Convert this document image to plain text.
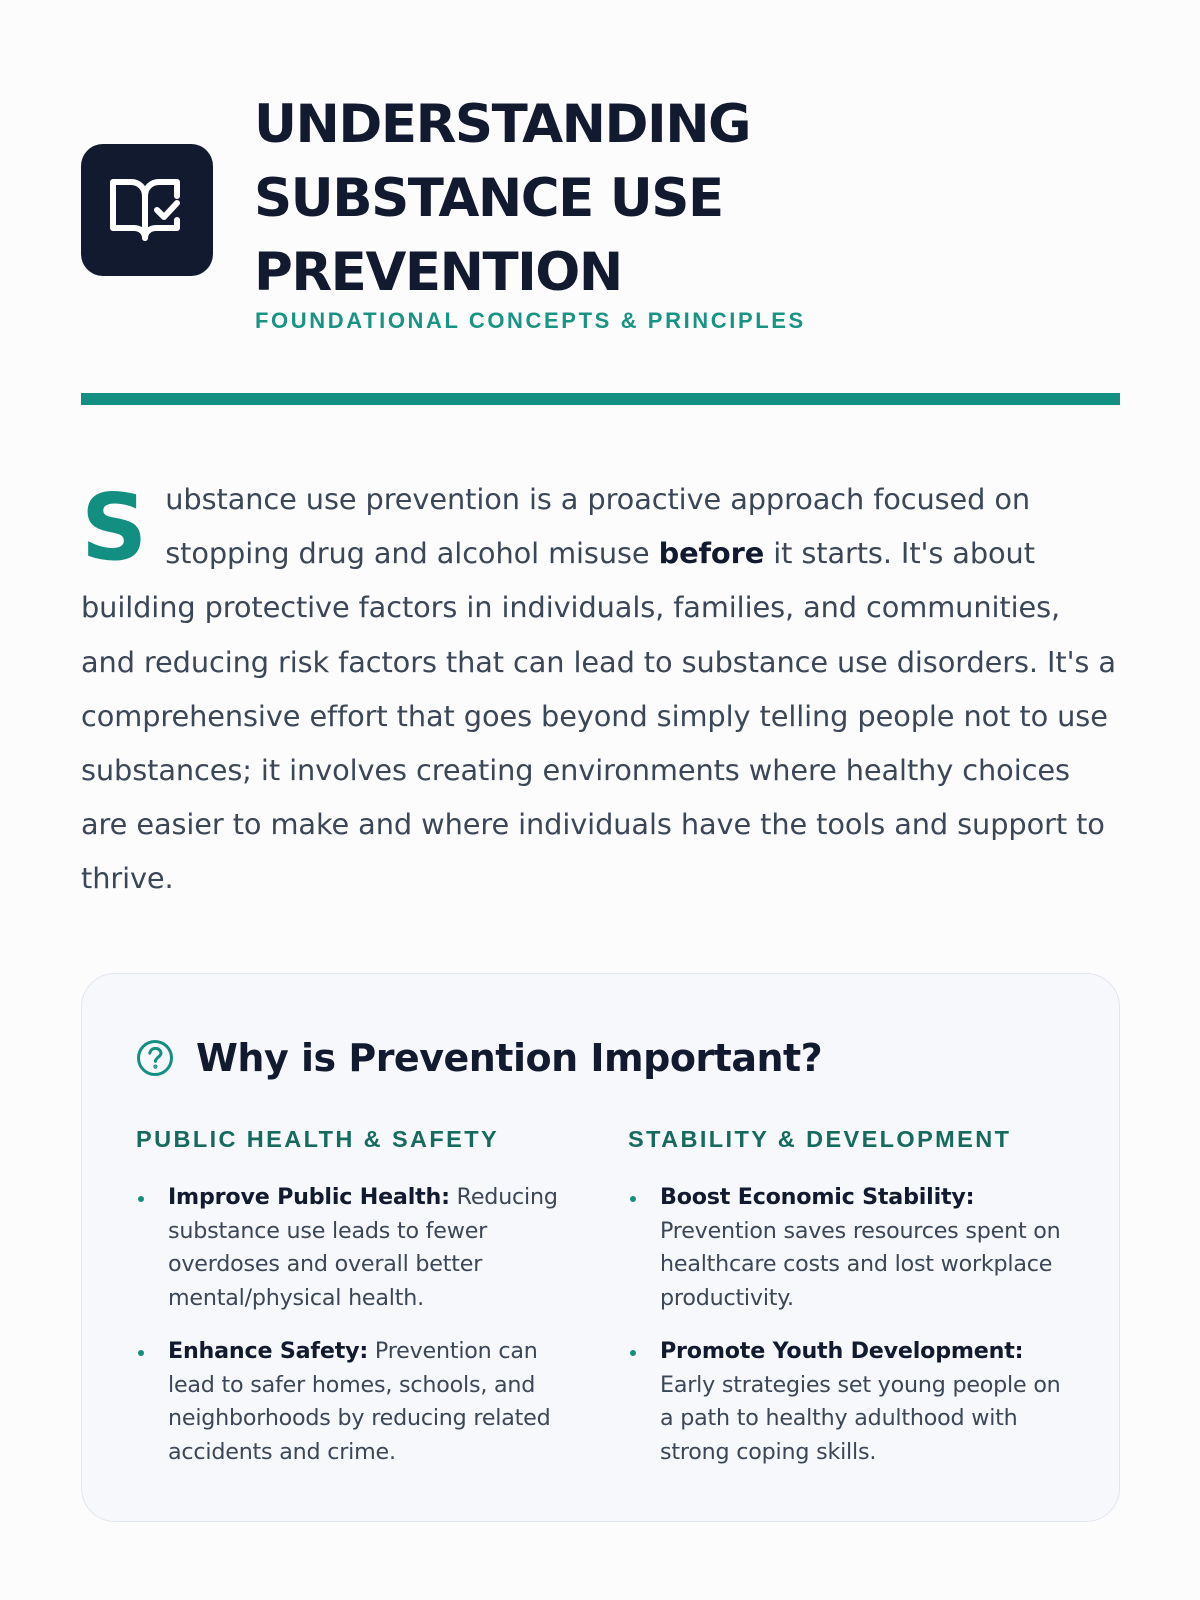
UNDERSTANDING SUBSTANCE USE PREVENTION

FOUNDATIONAL CONCEPTS & PRINCIPLES

Substance use prevention is a proactive approach focused on stopping drug and alcohol misuse before it starts. It's about building protective factors in individuals, families, and communities, and reducing risk factors that can lead to substance use disorders. It's a comprehensive effort that goes beyond simply telling people not to use substances; it involves creating environments where healthy choices are easier to make and where individuals have the tools and support to thrive.

Why is Prevention Important?
PUBLIC HEALTH & SAFETY
Improve Public Health: Reducing substance use leads to fewer overdoses and overall better mental/physical health.
Enhance Safety: Prevention can lead to safer homes, schools, and neighborhoods by reducing related accidents and crime.
STABILITY & DEVELOPMENT
Boost Economic Stability: Prevention saves resources spent on healthcare costs and lost workplace productivity.
Promote Youth Development: Early strategies set young people on a path to healthy adulthood with strong coping skills.
